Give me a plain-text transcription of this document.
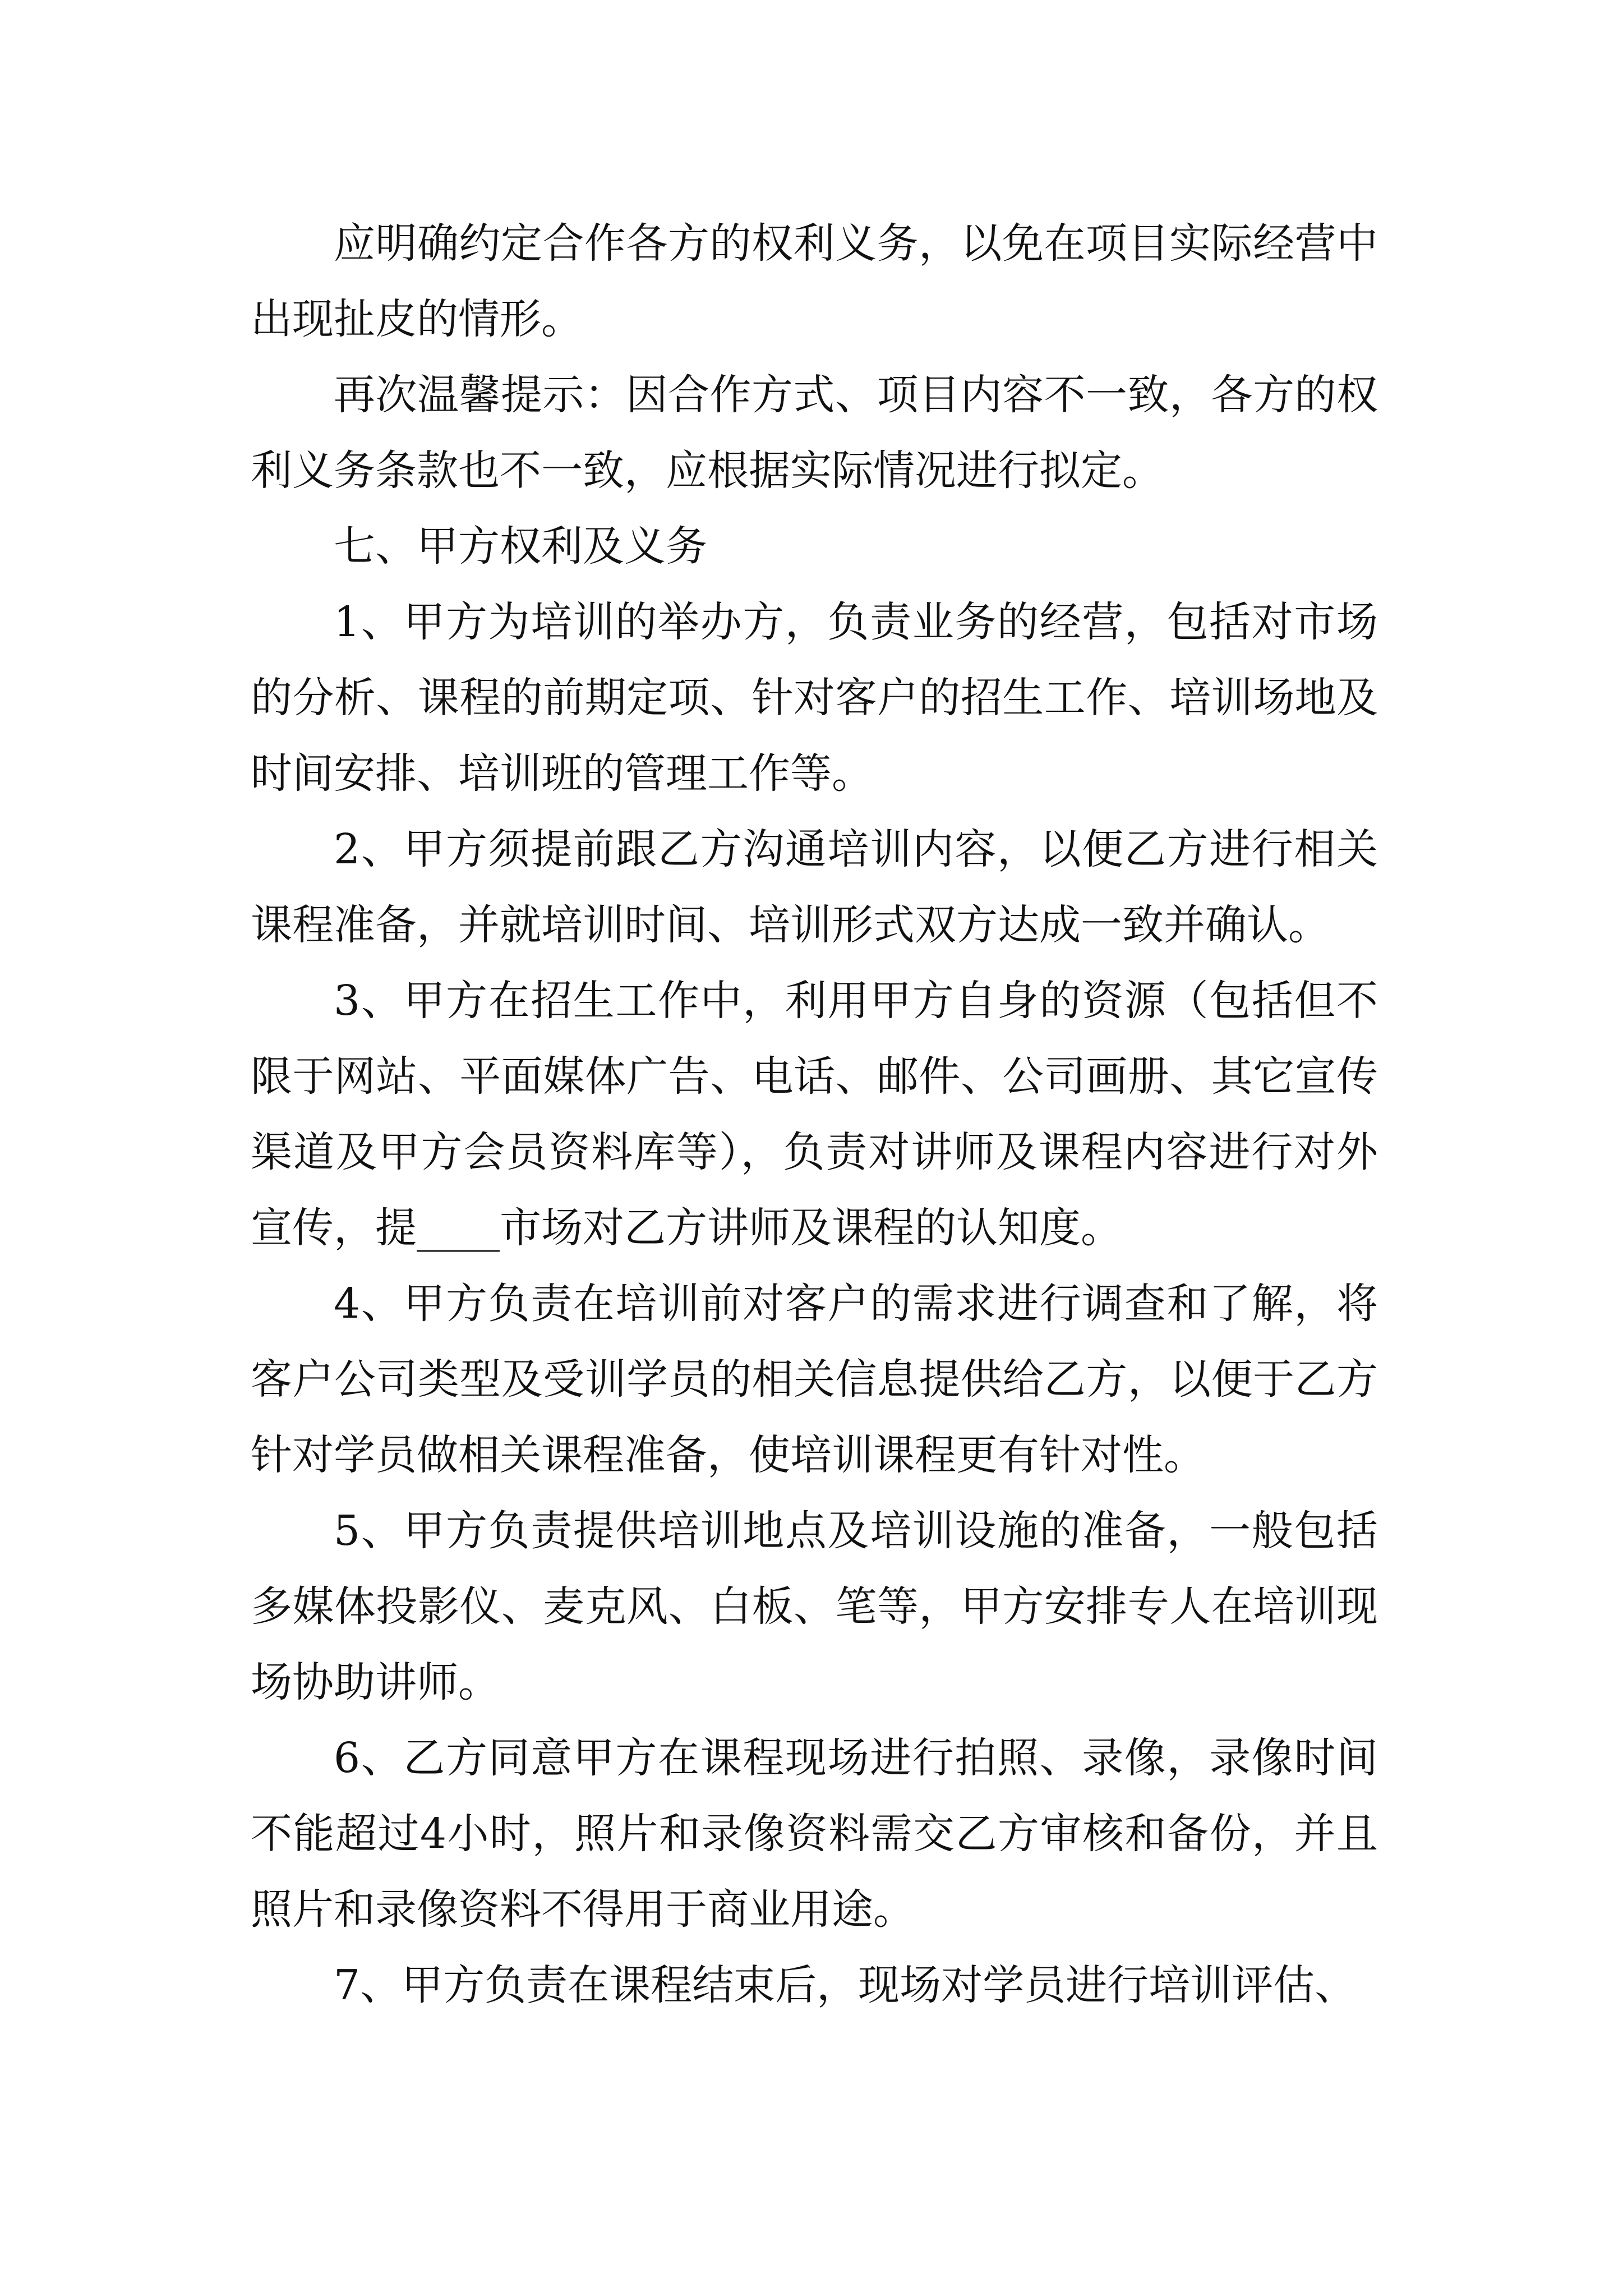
应明确约定合作各方的权利义务，以免在项目实际经营中出现扯皮的情形。

再次温馨提示：因合作方式、项目内容不一致，各方的权利义务条款也不一致，应根据实际情况进行拟定。

七、甲方权利及义务

1、甲方为培训的举办方，负责业务的经营，包括对市场的分析、课程的前期定项、针对客户的招生工作、培训场地及时间安排、培训班的管理工作等。

2、甲方须提前跟乙方沟通培训内容，以便乙方进行相关课程准备，并就培训时间、培训形式双方达成一致并确认。

3、甲方在招生工作中，利用甲方自身的资源（包括但不限于网站、平面媒体广告、电话、邮件、公司画册、其它宣传渠道及甲方会员资料库等），负责对讲师及课程内容进行对外宣传，提____市场对乙方讲师及课程的认知度。

4、甲方负责在培训前对客户的需求进行调查和了解，将客户公司类型及受训学员的相关信息提供给乙方，以便于乙方针对学员做相关课程准备，使培训课程更有针对性。

5、甲方负责提供培训地点及培训设施的准备，一般包括多媒体投影仪、麦克风、白板、笔等，甲方安排专人在培训现场协助讲师。

6、乙方同意甲方在课程现场进行拍照、录像，录像时间不能超过4小时，照片和录像资料需交乙方审核和备份，并且照片和录像资料不得用于商业用途。

7、甲方负责在课程结束后，现场对学员进行培训评估、
